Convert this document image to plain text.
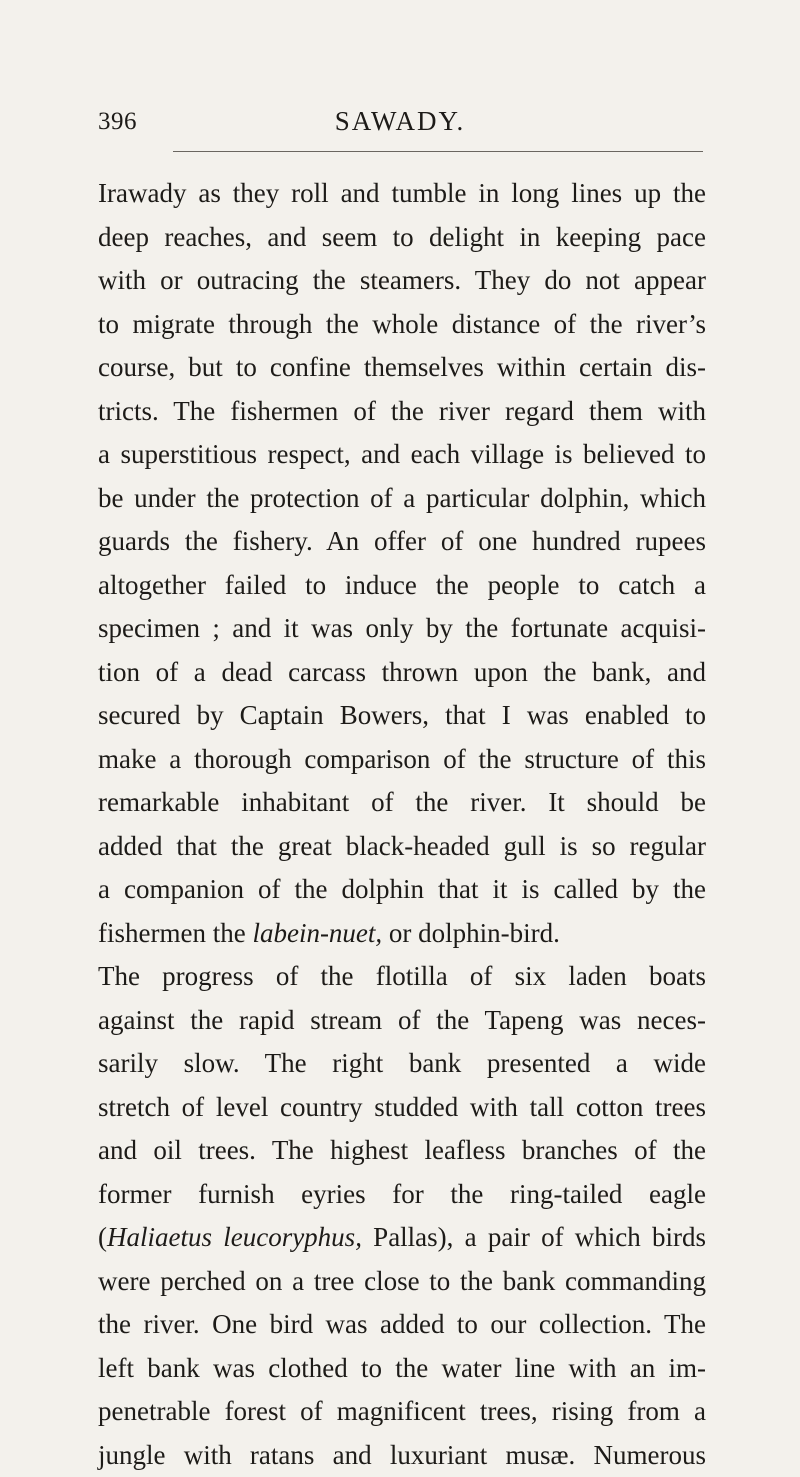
396	SAWADY.
Irawady as they roll and tumble in long lines up the
deep reaches, and seem to delight in keeping pace
with or outracing the steamers. They do not appear
to migrate through the whole distance of the river’s
course, but to confine themselves within certain dis-
tricts. The fishermen of the river regard them with
a superstitious respect, and each village is believed to
be under the protection of a particular dolphin, which
guards the fishery. An offer of one hundred rupees
altogether failed to induce the people to catch a
specimen ; and it was only by the fortunate acquisi-
tion of a dead carcass thrown upon the bank, and
secured by Captain Bowers, that I was enabled to
make a thorough comparison of the structure of this
remarkable inhabitant of the river. It should be
added that the great black-headed gull is so regular
a companion of the dolphin that it is called by the
fishermen the labein-nuet, or dolphin-bird.
The progress of the flotilla of six laden boats
against the rapid stream of the Tapeng was neces-
sarily slow. The right bank presented a wide
stretch of level country studded with tall cotton trees
and oil trees. The highest leafless branches of the
former furnish eyries for the ring-tailed eagle
(Haliaetus leucoryphus, Pallas), a pair of which birds
were perched on a tree close to the bank commanding
the river. One bird was added to our collection. The
left bank was clothed to the water line with an im-
penetrable forest of magnificent trees, rising from a
jungle with ratans and luxuriant musæ. Numerous
